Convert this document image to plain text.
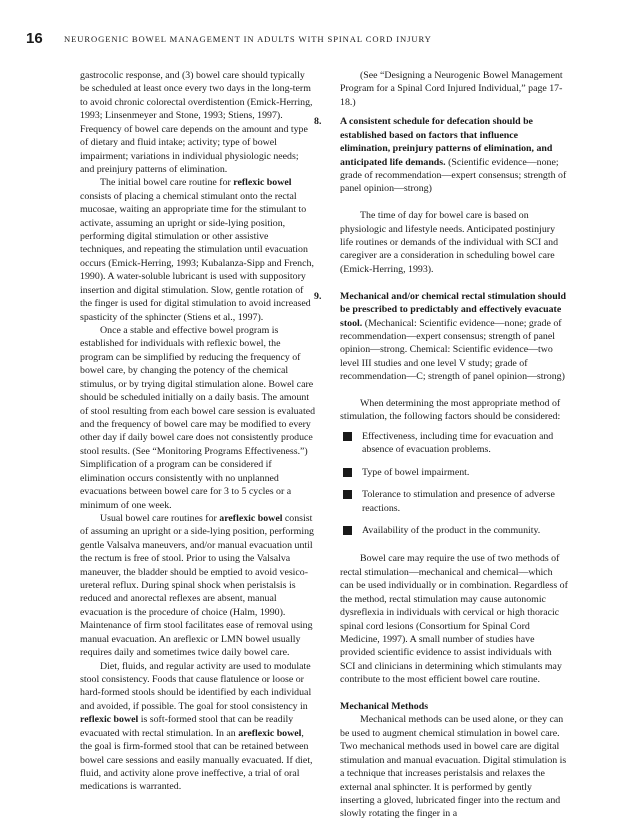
16 NEUROGENIC BOWEL MANAGEMENT IN ADULTS WITH SPINAL CORD INJURY

gastrocolic response, and (3) bowel care should typically be scheduled at least once every two days in the long-term to avoid chronic colorectal overdistention (Emick-Herring, 1993; Linsenmeyer and Stone, 1993; Stiens, 1997). Frequency of bowel care depends on the amount and type of dietary and fluid intake; activity; type of bowel impairment; variations in individual physiologic needs; and preinjury patterns of elimination.

The initial bowel care routine for reflexic bowel consists of placing a chemical stimulant onto the rectal mucosae, waiting an appropriate time for the stimulant to activate, assuming an upright or side-lying position, performing digital stimulation or other assistive techniques, and repeating the stimulation until evacuation occurs (Emick-Herring, 1993; Kubalanza-Sipp and French, 1990). A water-soluble lubricant is used with suppository insertion and digital stimulation. Slow, gentle rotation of the finger is used for digital stimulation to avoid increased spasticity of the sphincter (Stiens et al., 1997).

Once a stable and effective bowel program is established for individuals with reflexic bowel, the program can be simplified by reducing the frequency of bowel care, by changing the potency of the chemical stimulus, or by trying digital stimulation alone. Bowel care should be scheduled initially on a daily basis. The amount of stool resulting from each bowel care session is evaluated and the frequency of bowel care may be modified to every other day if daily bowel care does not consistently produce stool results. (See “Monitoring Programs Effectiveness.”) Simplification of a program can be considered if elimination occurs consistently with no unplanned evacuations between bowel care for 3 to 5 cycles or a minimum of one week.

Usual bowel care routines for areflexic bowel consist of assuming an upright or a side-lying position, performing gentle Valsalva maneuvers, and/or manual evacuation until the rectum is free of stool. Prior to using the Valsalva maneuver, the bladder should be emptied to avoid vesico-ureteral reflux. During spinal shock when peristalsis is reduced and anorectal reflexes are absent, manual evacuation is the procedure of choice (Halm, 1990). Maintenance of firm stool facilitates ease of removal using manual evacuation. An areflexic or LMN bowel usually requires daily and sometimes twice daily bowel care.

Diet, fluids, and regular activity are used to modulate stool consistency. Foods that cause flatulence or loose or hard-formed stools should be identified by each individual and avoided, if possible. The goal for stool consistency in reflexic bowel is soft-formed stool that can be readily evacuated with rectal stimulation. In an areflexic bowel, the goal is firm-formed stool that can be retained between bowel care sessions and easily manually evacuated. If diet, fluid, and activity alone prove ineffective, a trial of oral medications is warranted.

(See “Designing a Neurogenic Bowel Management Program for a Spinal Cord Injured Individual,” page 17-18.)

8. A consistent schedule for defecation should be established based on factors that influence elimination, preinjury patterns of elimination, and anticipated life demands. (Scientific evidence—none; grade of recommendation—expert consensus; strength of panel opinion—strong)

The time of day for bowel care is based on physiologic and lifestyle needs. Anticipated postinjury life routines or demands of the individual with SCI and caregiver are a consideration in scheduling bowel care (Emick-Herring, 1993).

9. Mechanical and/or chemical rectal stimulation should be prescribed to predictably and effectively evacuate stool. (Mechanical: Scientific evidence—none; grade of recommendation—expert consensus; strength of panel opinion—strong. Chemical: Scientific evidence—two level III studies and one level V study; grade of recommendation—C; strength of panel opinion—strong)

When determining the most appropriate method of stimulation, the following factors should be considered:

Effectiveness, including time for evacuation and absence of evacuation problems.
Type of bowel impairment.
Tolerance to stimulation and presence of adverse reactions.
Availability of the product in the community.

Bowel care may require the use of two methods of rectal stimulation—mechanical and chemical—which can be used individually or in combination. Regardless of the method, rectal stimulation may cause autonomic dysreflexia in individuals with cervical or high thoracic spinal cord lesions (Consortium for Spinal Cord Medicine, 1997). A small number of studies have provided scientific evidence to assist individuals with SCI and clinicians in determining which stimulants may contribute to the most efficient bowel care routine.

Mechanical Methods

Mechanical methods can be used alone, or they can be used to augment chemical stimulation in bowel care. Two mechanical methods used in bowel care are digital stimulation and manual evacuation. Digital stimulation is a technique that increases peristalsis and relaxes the external anal sphincter. It is performed by gently inserting a gloved, lubricated finger into the rectum and slowly rotating the finger in a
